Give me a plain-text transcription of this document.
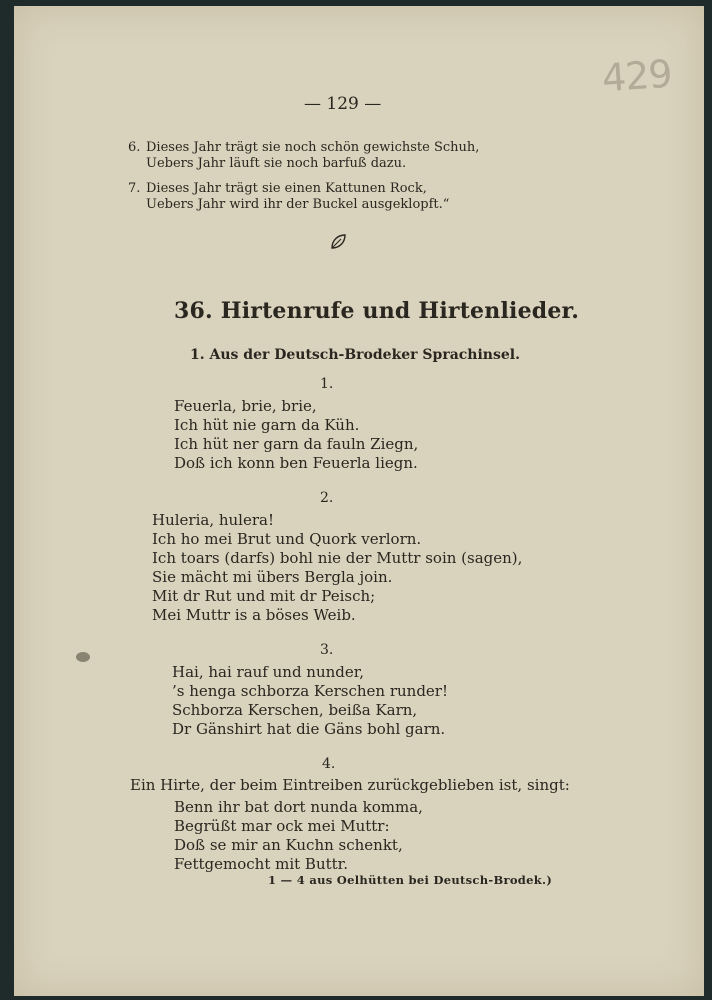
429
— 129 —
6. Dieses Jahr trägt sie noch schön gewichste Schuh,
Uebers Jahr läuft sie noch barfuß dazu.
7. Dieses Jahr trägt sie einen Kattunen Rock,
Uebers Jahr wird ihr der Buckel ausgeklopft.“
36. Hirtenrufe und Hirtenlieder.
1. Aus der Deutsch-Brodeker Sprachinsel.
1.
Feuerla, brie, brie,
Ich hüt nie garn da Küh.
Ich hüt ner garn da fauln Ziegn,
Doß ich konn ben Feuerla liegn.
2.
Huleria, hulera!
Ich ho mei Brut und Quork verlorn.
Ich toars (darfs) bohl nie der Muttr soin (sagen),
Sie mächt mi übers Bergla join.
Mit dr Rut und mit dr Peisch;
Mei Muttr is a böses Weib.
3.
Hai, hai rauf und nunder,
’s henga schborza Kerschen runder!
Schborza Kerschen, beißa Karn,
Dr Gänshirt hat die Gäns bohl garn.
4.
Ein Hirte, der beim Eintreiben zurückgeblieben ist, singt:
Benn ihr bat dort nunda komma,
Begrüßt mar ock mei Muttr:
Doß se mir an Kuchn schenkt,
Fettgemocht mit Buttr.
1 — 4 aus Oelhütten bei Deutsch-Brodek.)
